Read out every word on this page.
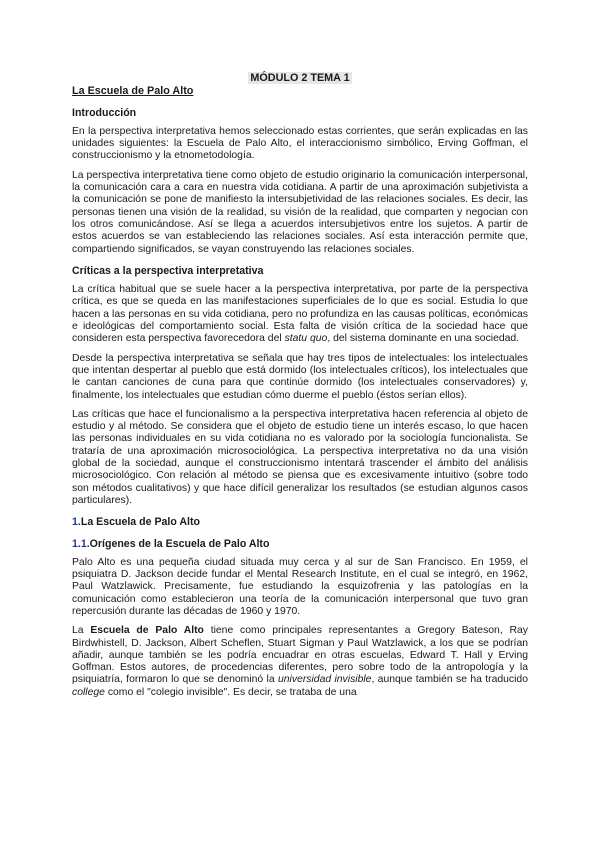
MÓDULO 2 TEMA 1
La Escuela de Palo Alto
Introducción

En la perspectiva interpretativa hemos seleccionado estas corrientes, que serán explicadas en las unidades siguientes: la Escuela de Palo Alto, el interaccionismo simbólico, Erving Goffman, el construccionismo y la etnometodología.

La perspectiva interpretativa tiene como objeto de estudio originario la comunicación interpersonal, la comunicación cara a cara en nuestra vida cotidiana. A partir de una aproximación subjetivista a la comunicación se pone de manifiesto la intersubjetividad de las relaciones sociales. Es decir, las personas tienen una visión de la realidad, su visión de la realidad, que comparten y negocian con los otros comunicándose. Así se llega a acuerdos intersubjetivos entre los sujetos. A partir de estos acuerdos se van estableciendo las relaciones sociales. Así esta interacción permite que, compartiendo significados, se vayan construyendo las relaciones sociales.

Críticas a la perspectiva interpretativa

La crítica habitual que se suele hacer a la perspectiva interpretativa, por parte de la perspectiva crítica, es que se queda en las manifestaciones superficiales de lo que es social. Estudia lo que hacen a las personas en su vida cotidiana, pero no profundiza en las causas políticas, económicas e ideológicas del comportamiento social. Esta falta de visión crítica de la sociedad hace que consideren esta perspectiva favorecedora del statu quo, del sistema dominante en una sociedad.

Desde la perspectiva interpretativa se señala que hay tres tipos de intelectuales: los intelectuales que intentan despertar al pueblo que está dormido (los intelectuales críticos), los intelectuales que le cantan canciones de cuna para que continúe dormido (los intelectuales conservadores) y, finalmente, los intelectuales que estudian cómo duerme el pueblo (éstos serían ellos).

Las críticas que hace el funcionalismo a la perspectiva interpretativa hacen referencia al objeto de estudio y al método. Se considera que el objeto de estudio tiene un interés escaso, lo que hacen las personas individuales en su vida cotidiana no es valorado por la sociología funcionalista. Se trataría de una aproximación microsociológica. La perspectiva interpretativa no da una visión global de la sociedad, aunque el construccionismo intentará trascender el ámbito del análisis microsociológico. Con relación al método se piensa que es excesivamente intuitivo (sobre todo son métodos cualitativos) y que hace difícil generalizar los resultados (se estudian algunos casos particulares).

1.La Escuela de Palo Alto
1.1.Orígenes de la Escuela de Palo Alto

Palo Alto es una pequeña ciudad situada muy cerca y al sur de San Francisco. En 1959, el psiquiatra D. Jackson decide fundar el Mental Research Institute, en el cual se integró, en 1962, Paul Watzlawick. Precisamente, fue estudiando la esquizofrenia y las patologías en la comunicación como establecieron una teoría de la comunicación interpersonal que tuvo gran repercusión durante las décadas de 1960 y 1970.

La Escuela de Palo Alto tiene como principales representantes a Gregory Bateson, Ray Birdwhistell, D. Jackson, Albert Scheflen, Stuart Sigman y Paul Watzlawick, a los que se podrían añadir, aunque también se les podría encuadrar en otras escuelas, Edward T. Hall y Erving Goffman. Estos autores, de procedencias diferentes, pero sobre todo de la antropología y la psiquiatría, formaron lo que se denominó la universidad invisible, aunque también se ha traducido college como el "colegio invisible". Es decir, se trataba de una
